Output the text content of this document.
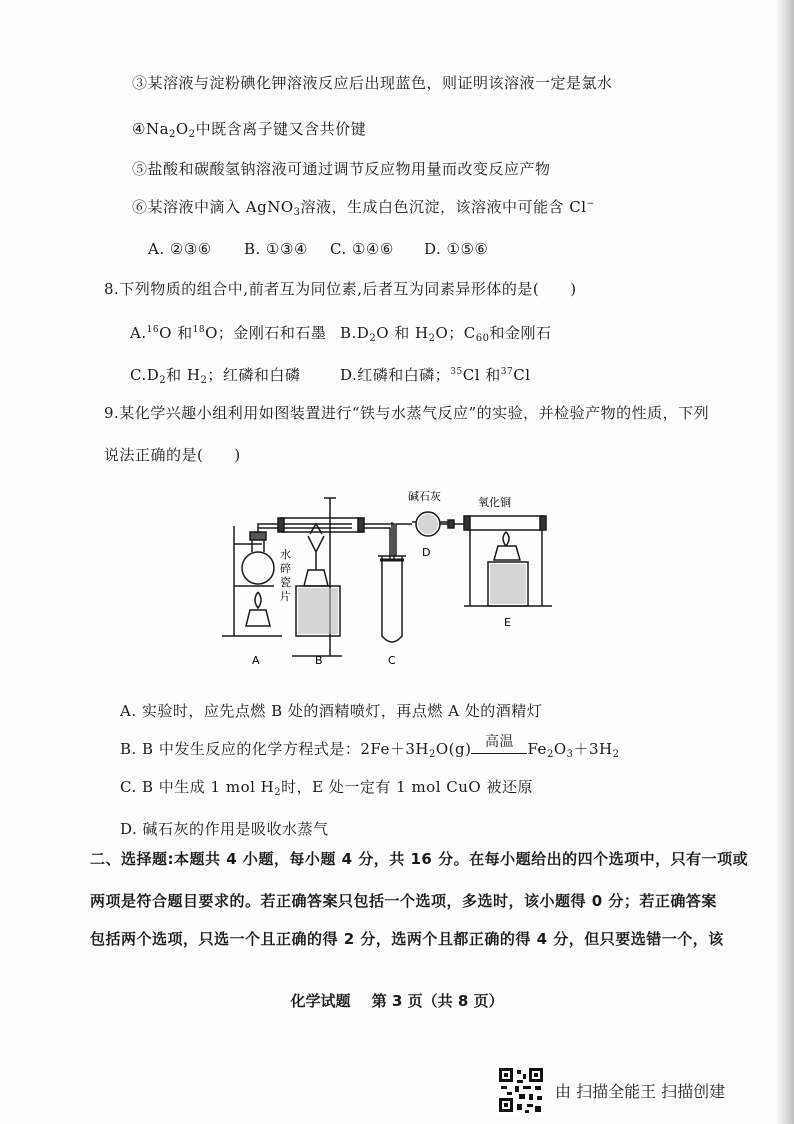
③某溶液与淀粉碘化钾溶液反应后出现蓝色，则证明该溶液一定是氯水
$④Na_2O_2$中既含离子键又含共价键
⑤盐酸和碳酸氢钠溶液可通过调节反应物用量而改变反应产物
⑥某溶液中滴入 AgNO$_3$溶液，生成白色沉淀，该溶液中可能含 Cl−
A. ②③⑥ B. ①③④ C. ①④⑥ D. ①⑤⑥
8.下列物质的组合中,前者互为同位素,后者互为同素异形体的是(　　)
A.$^{16}$O 和$^{18}$O；金刚石和石墨 $B.D_2O$ 和 $H_2O$；$C_{60}$和金刚石
$C.D_2$和 $H_2$；红磷和白磷	D.红磷和白磷；$^{35}$Cl 和$^{37}$Cl
9.某化学兴趣小组利用如图装置进行“铁与水蒸气反应”的实验，并检验产物的性质，下列
说法正确的是(　　)
A	B	C
D
E
水
碎
瓷
片
碱石灰	氧化铜
A. 实验时，应先点燃 B 处的酒精喷灯，再点燃 A 处的酒精灯
B. B 中发生反应的化学方程式是：$2Fe+3H_2O(g)$ 高温 $Fe_2O_3+3H_2$
C. B 中生成 1 mol $H_2$时，E 处一定有 1 mol CuO 被还原
D. 碱石灰的作用是吸收水蒸气
二、选择题:本题共 4 小题，每小题 4 分，共 16 分。在每小题给出的四个选项中，只有一项或
两项是符合题目要求的。若正确答案只包括一个选项，多选时，该小题得 0 分；若正确答案
包括两个选项，只选一个且正确的得 2 分，选两个且都正确的得 4 分，但只要选错一个，该
化学试题 第 3 页（共 8 页）
由 扫描全能王 扫描创建
